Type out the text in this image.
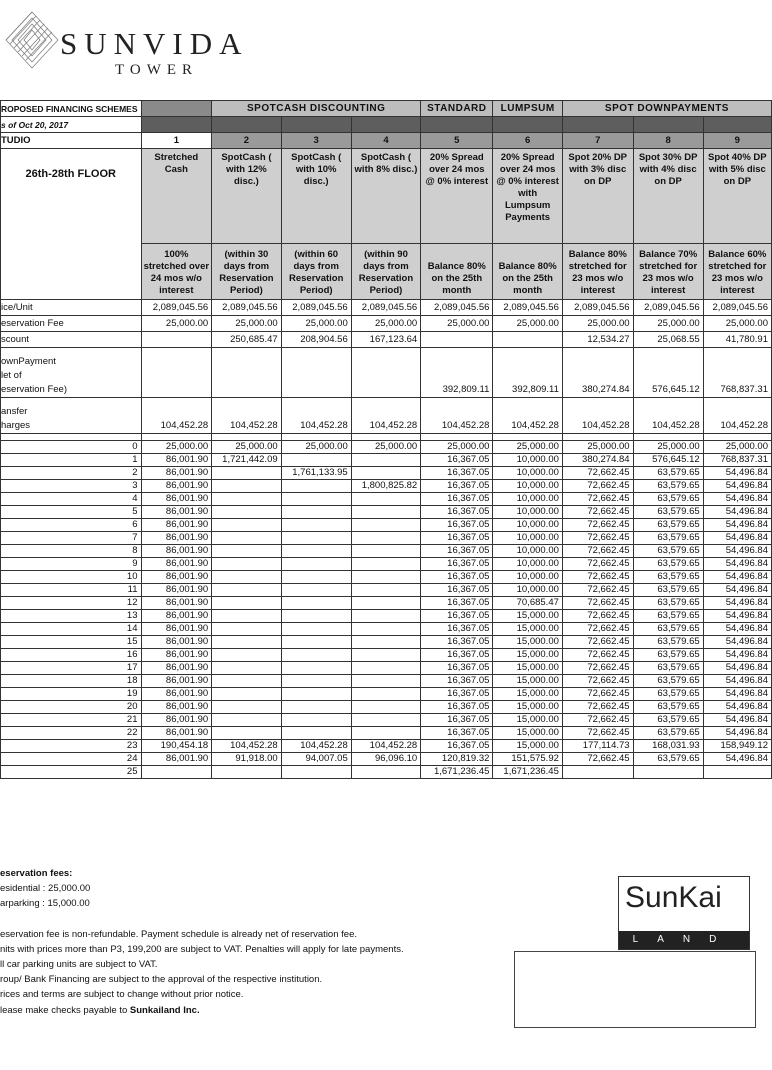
SUNVIDA
TOWER
ROPOSED FINANCING SCHEMES		SPOTCASH DISCOUNTING			STANDARD	LUMPSUM	SPOT DOWNPAYMENTS		
s of Oct 20, 2017									
TUDIO	1	2	3	4	5	6	7	8	9
26th-28th FLOOR	Stretched Cash	SpotCash ( with 12% disc.)	SpotCash ( with 10% disc.)	SpotCash ( with 8% disc.)	20% Spread over 24 mos @ 0% interest	20% Spread over 24 mos @ 0% interest with Lumpsum Payments	Spot 20% DP with 3% disc on DP	Spot 30% DP with 4% disc on DP	Spot 40% DP with 5% disc on DP
	100% stretched over 24 mos w/o interest	(within 30 days from Reservation Period)	(within 60 days from Reservation Period)	(within 90 days from Reservation Period)	Balance 80% on the 25th month	Balance 80% on the 25th month	Balance 80% stretched for 23 mos w/o interest	Balance 70% stretched for 23 mos w/o interest	Balance 60% stretched for 23 mos w/o interest

ice/Unit	2,089,045.56	2,089,045.56	2,089,045.56	2,089,045.56	2,089,045.56	2,089,045.56	2,089,045.56	2,089,045.56	2,089,045.56

eservation Fee	25,000.00	25,000.00	25,000.00	25,000.00	25,000.00	25,000.00	25,000.00	25,000.00	25,000.00

scount		250,685.47	208,904.56	167,123.64			12,534.27	25,068.55	41,780.91

ownPayment
let of
eservation Fee)					392,809.11	392,809.11	380,274.84	576,645.12	768,837.31

ansfer
harges	104,452.28	104,452.28	104,452.28	104,452.28	104,452.28	104,452.28	104,452.28	104,452.28	104,452.28

0	25,000.00	25,000.00	25,000.00	25,000.00	25,000.00	25,000.00	25,000.00	25,000.00	25,000.00
1	86,001.90	1,721,442.09			16,367.05	10,000.00	380,274.84	576,645.12	768,837.31
2	86,001.90		1,761,133.95		16,367.05	10,000.00	72,662.45	63,579.65	54,496.84
3	86,001.90			1,800,825.82	16,367.05	10,000.00	72,662.45	63,579.65	54,496.84
4	86,001.90				16,367.05	10,000.00	72,662.45	63,579.65	54,496.84
5	86,001.90				16,367.05	10,000.00	72,662.45	63,579.65	54,496.84
6	86,001.90				16,367.05	10,000.00	72,662.45	63,579.65	54,496.84
7	86,001.90				16,367.05	10,000.00	72,662.45	63,579.65	54,496.84
8	86,001.90				16,367.05	10,000.00	72,662.45	63,579.65	54,496.84
9	86,001.90				16,367.05	10,000.00	72,662.45	63,579.65	54,496.84
10	86,001.90				16,367.05	10,000.00	72,662.45	63,579.65	54,496.84
11	86,001.90				16,367.05	10,000.00	72,662.45	63,579.65	54,496.84
12	86,001.90				16,367.05	70,685.47	72,662.45	63,579.65	54,496.84
13	86,001.90				16,367.05	15,000.00	72,662.45	63,579.65	54,496.84
14	86,001.90				16,367.05	15,000.00	72,662.45	63,579.65	54,496.84
15	86,001.90				16,367.05	15,000.00	72,662.45	63,579.65	54,496.84
16	86,001.90				16,367.05	15,000.00	72,662.45	63,579.65	54,496.84
17	86,001.90				16,367.05	15,000.00	72,662.45	63,579.65	54,496.84
18	86,001.90				16,367.05	15,000.00	72,662.45	63,579.65	54,496.84
19	86,001.90				16,367.05	15,000.00	72,662.45	63,579.65	54,496.84
20	86,001.90				16,367.05	15,000.00	72,662.45	63,579.65	54,496.84
21	86,001.90				16,367.05	15,000.00	72,662.45	63,579.65	54,496.84
22	86,001.90				16,367.05	15,000.00	72,662.45	63,579.65	54,496.84
23	190,454.18	104,452.28	104,452.28	104,452.28	16,367.05	15,000.00	177,114.73	168,031.93	158,949.12
24	86,001.90	91,918.00	94,007.05	96,096.10	120,819.32	151,575.92	72,662.45	63,579.65	54,496.84
25					1,671,236.45	1,671,236.45			
eservation fees:
esidential : 25,000.00
arparking : 15,000.00
eservation fee is non-refundable. Payment schedule is already net of reservation fee.
nits with prices more than P3, 199,200 are subject to VAT. Penalties will apply for late payments.
ll car parking units are subject to VAT.
roup/ Bank Financing are subject to the approval of the respective institution.
rices and terms are subject to change without prior notice.
lease make checks payable to Sunkailand Inc.
SunKai
LAND
